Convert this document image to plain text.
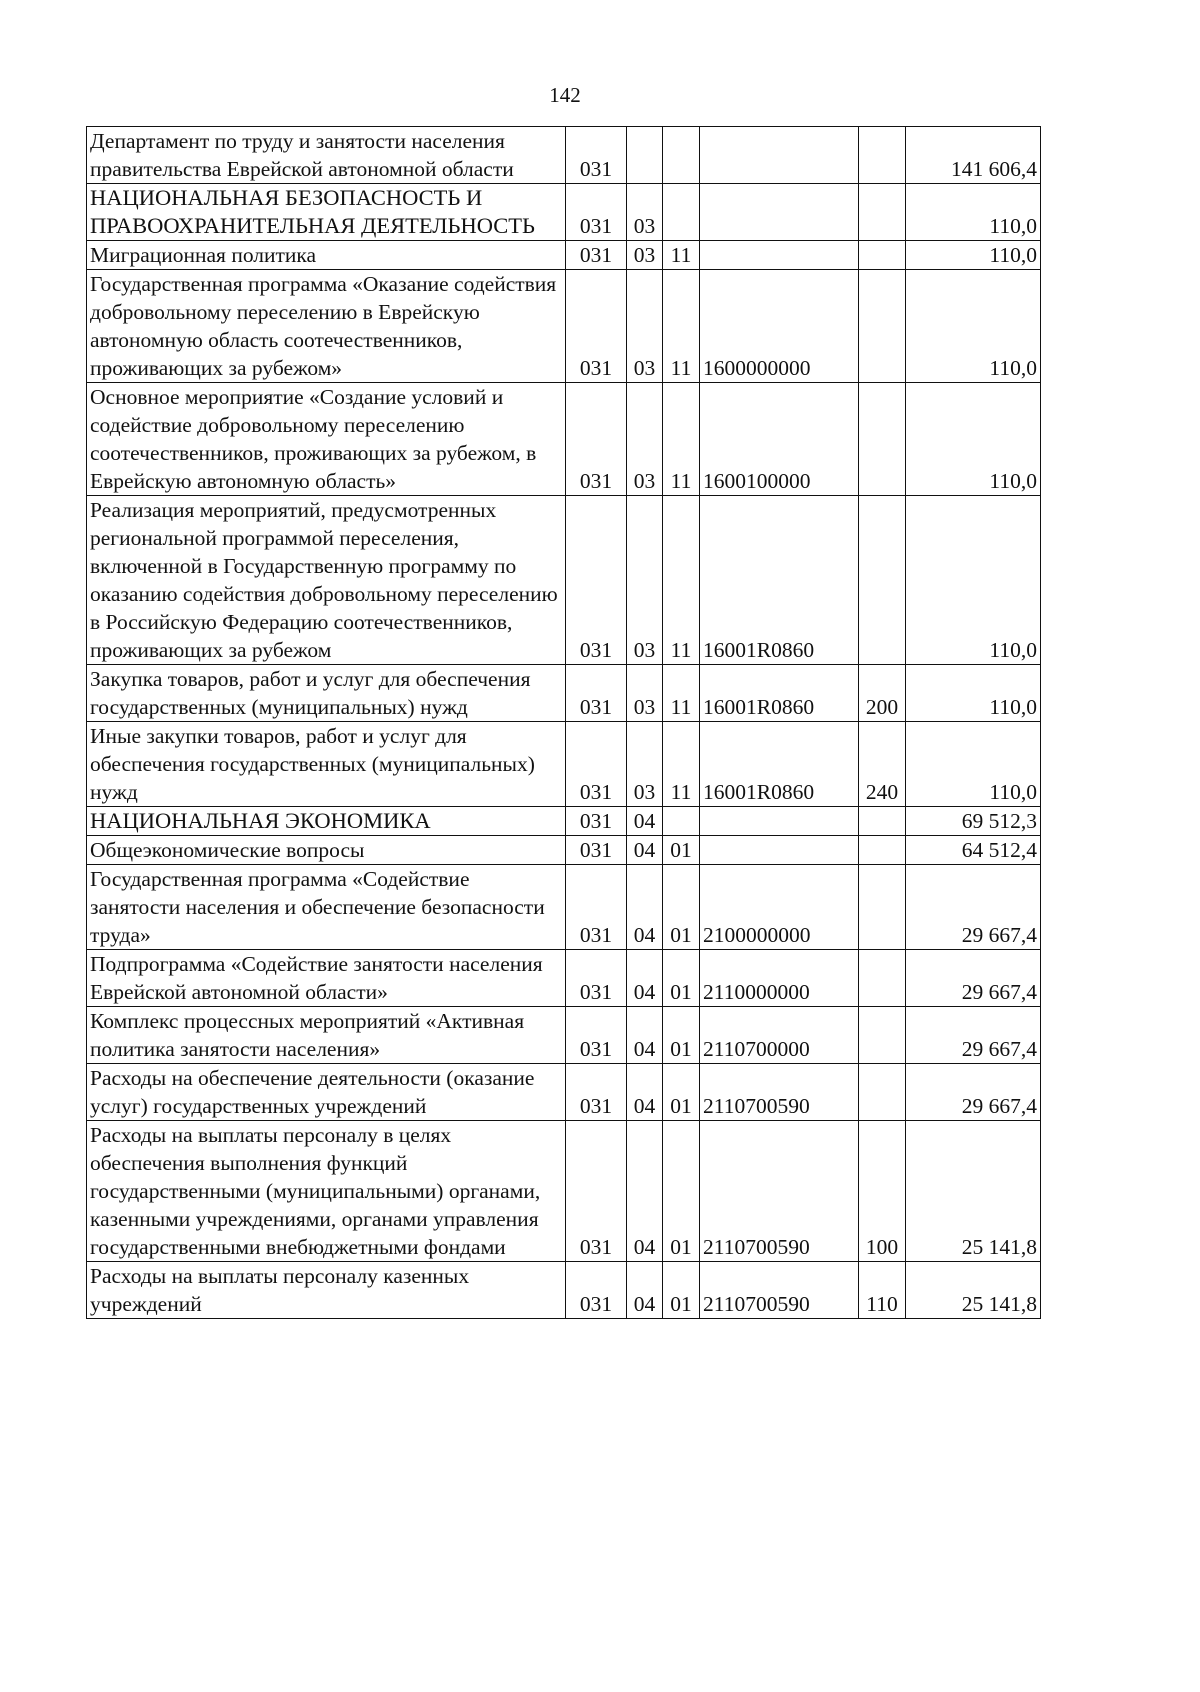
142
Департамент по труду и занятости населения правительства Еврейской автономной области	031					141 606,4
НАЦИОНАЛЬНАЯ БЕЗОПАСНОСТЬ И ПРАВООХРАНИТЕЛЬНАЯ ДЕЯТЕЛЬНОСТЬ	031	03				110,0
Миграционная политика	031	03	11			110,0
Государственная программа «Оказание содействия добровольному переселению в Еврейскую автономную область соотечественников, проживающих за рубежом»	031	03	11	1600000000		110,0
Основное мероприятие «Создание условий и содействие добровольному переселению соотечественников, проживающих за рубежом, в Еврейскую автономную область»	031	03	11	1600100000		110,0
Реализация мероприятий, предусмотренных региональной программой переселения, включенной в Государственную программу по оказанию содействия добровольному переселению в Российскую Федерацию соотечественников, проживающих за рубежом	031	03	11	16001R0860		110,0
Закупка товаров, работ и услуг для обеспечения государственных (муниципальных) нужд	031	03	11	16001R0860	200	110,0
Иные закупки товаров, работ и услуг для обеспечения государственных (муниципальных) нужд	031	03	11	16001R0860	240	110,0
НАЦИОНАЛЬНАЯ ЭКОНОМИКА	031	04				69 512,3
Общеэкономические вопросы	031	04	01			64 512,4
Государственная программа «Содействие занятости населения и обеспечение безопасности труда»	031	04	01	2100000000		29 667,4
Подпрограмма «Содействие занятости населения Еврейской автономной области»	031	04	01	2110000000		29 667,4
Комплекс процессных мероприятий «Активная политика занятости населения»	031	04	01	2110700000		29 667,4
Расходы на обеспечение деятельности (оказание услуг) государственных учреждений	031	04	01	2110700590		29 667,4
Расходы на выплаты персоналу в целях обеспечения выполнения функций государственными (муниципальными) органами, казенными учреждениями, органами управления государственными внебюджетными фондами	031	04	01	2110700590	100	25 141,8
Расходы на выплаты персоналу казенных учреждений	031	04	01	2110700590	110	25 141,8
